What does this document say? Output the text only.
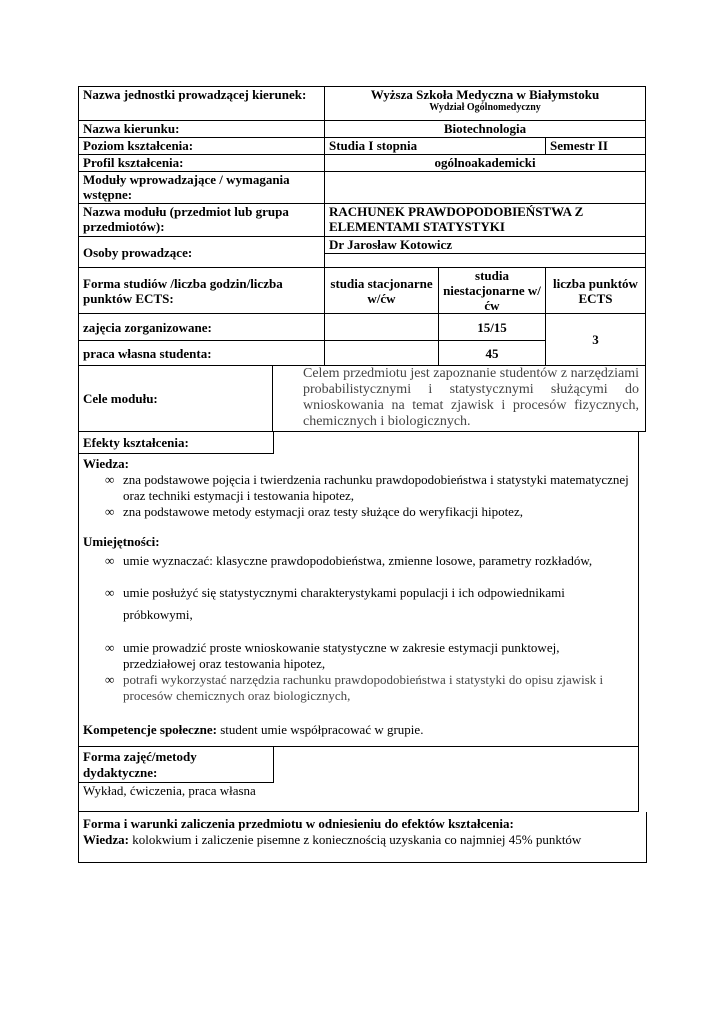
Nazwa jednostki prowadzącej kierunek:		Wyższa Szkoła Medyczna w Białymstoku
Wydział Ogólnomedyczny		

Nazwa kierunku:		Biotechnologia		
Poziom kształcenia:		Studia I stopnia		Semestr II
Profil kształcenia:		ogólnoakademicki		
Moduły wprowadzające / wymagania wstępne:				
Nazwa modułu (przedmiot lub grupa przedmiotów):		RACHUNEK PRAWDOPODOBIEŃSTWA Z ELEMENTAMI STATYSTYKI		
Osoby prowadzące:		Dr Jarosław Kotowicz		

Forma studiów /liczba godzin/liczba punktów ECTS:		studia stacjonarne w/ćw	studia niestacjonarne w/ćw	liczba punktów ECTS
zajęcia zorganizowane:			15/15	3
praca własna studenta:			45	
Cele modułu:	Celem przedmiotu jest zapoznanie studentów z narzędziami probabilistycznymi i statystycznymi służącymi do wnioskowania na temat zjawisk i procesów fizycznych, chemicznych i biologicznych.			
Efekty kształcenia:
Wiedza:
∞ zna podstawowe pojęcia i twierdzenia rachunku prawdopodobieństwa i statystyki matematycznej oraz techniki estymacji i testowania hipotez,
∞ zna podstawowe metody estymacji oraz testy służące do weryfikacji hipotez,
Umiejętności:
∞ umie wyznaczać: klasyczne prawdopodobieństwa, zmienne losowe, parametry rozkładów,
∞ umie posłużyć się statystycznymi charakterystykami populacji i ich odpowiednikami próbkowymi,
∞ umie prowadzić proste wnioskowanie statystyczne w zakresie estymacji punktowej, przedziałowej oraz testowania hipotez,
∞ potrafi wykorzystać narzędzia rachunku prawdopodobieństwa i statystyki do opisu zjawisk i procesów chemicznych oraz biologicznych,
Kompetencje społeczne: student umie współpracować w grupie.
Forma zajęć/metody dydaktyczne:
Wykład, ćwiczenia, praca własna
Forma i warunki zaliczenia przedmiotu w odniesieniu do efektów kształcenia:
Wiedza: kolokwium i zaliczenie pisemne z koniecznością uzyskania co najmniej 45% punktów
